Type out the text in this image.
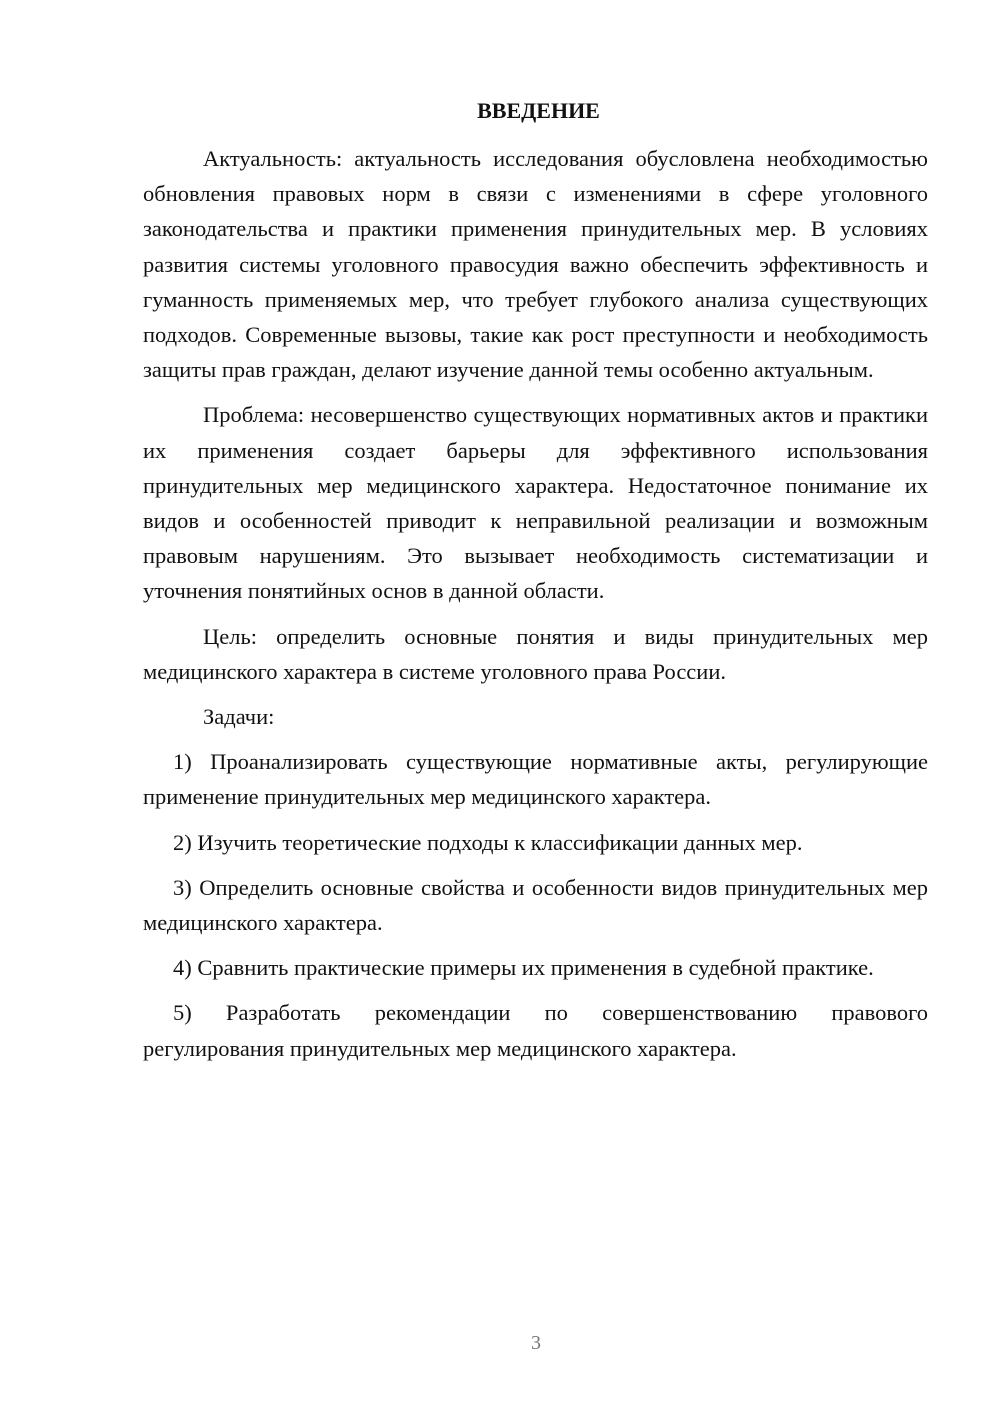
ВВЕДЕНИЕ

Актуальность: актуальность исследования обусловлена необходимостью обновления правовых норм в связи с изменениями в сфере уголовного законодательства и практики применения принудительных мер. В условиях развития системы уголовного правосудия важно обеспечить эффективность и гуманность применяемых мер, что требует глубокого анализа существующих подходов. Современные вызовы, такие как рост преступности и необходимость защиты прав граждан, делают изучение данной темы особенно актуальным.

Проблема: несовершенство существующих нормативных актов и практики их применения создает барьеры для эффективного использования принудительных мер медицинского характера. Недостаточное понимание их видов и особенностей приводит к неправильной реализации и возможным правовым нарушениям. Это вызывает необходимость систематизации и уточнения понятийных основ в данной области.

Цель: определить основные понятия и виды принудительных мер медицинского характера в системе уголовного права России.

Задачи:

1) Проанализировать существующие нормативные акты, регулирующие применение принудительных мер медицинского характера.

2) Изучить теоретические подходы к классификации данных мер.

3) Определить основные свойства и особенности видов принудительных мер медицинского характера.

4) Сравнить практические примеры их применения в судебной практике.

5) Разработать рекомендации по совершенствованию правового регулирования принудительных мер медицинского характера.

3
